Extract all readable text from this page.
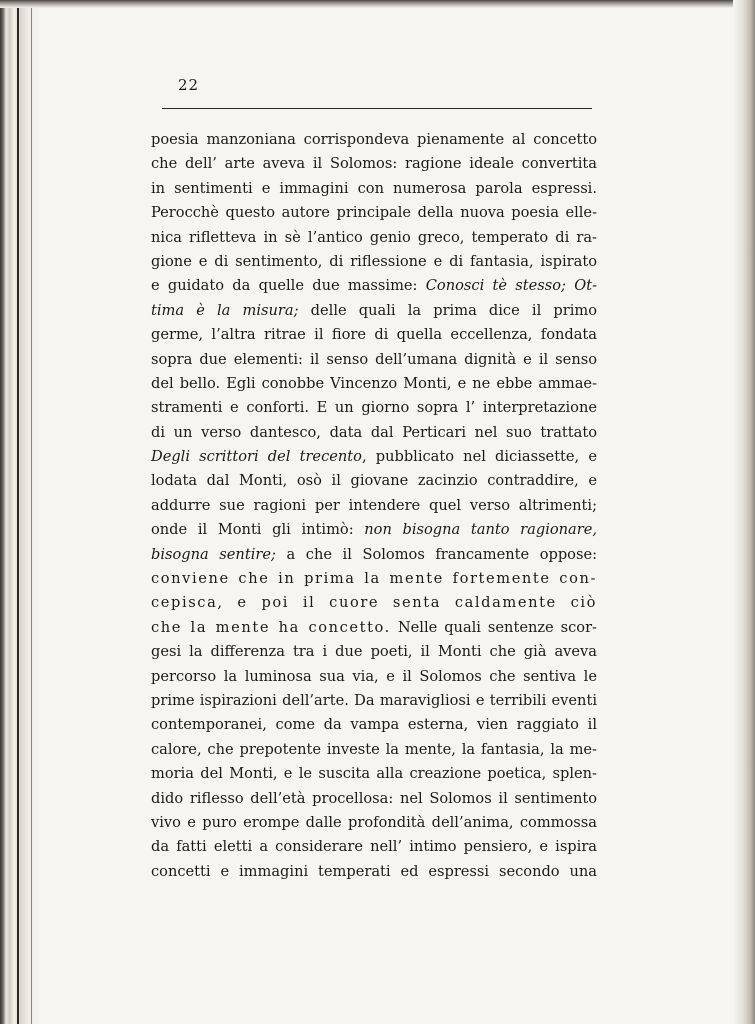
22
poesia manzoniana corrispondeva pienamente al concetto
che dell’ arte aveva il Solomos: ragione ideale convertita
in sentimenti e immagini con numerosa parola espressi.
Perocchè questo autore principale della nuova poesia elle-
nica rifletteva in sè l’antico genio greco, temperato di ra-
gione e di sentimento, di riflessione e di fantasia, ispirato
e guidato da quelle due massime: Conosci tè stesso; Ot-
tima è la misura; delle quali la prima dice il primo
germe, l’altra ritrae il fiore di quella eccellenza, fondata
sopra due elementi: il senso dell’umana dignità e il senso
del bello. Egli conobbe Vincenzo Monti, e ne ebbe ammae-
stramenti e conforti. E un giorno sopra l’ interpretazione
di un verso dantesco, data dal Perticari nel suo trattato
Degli scrittori del trecento, pubblicato nel diciassette, e
lodata dal Monti, osò il giovane zacinzio contraddire, e
addurre sue ragioni per intendere quel verso altrimenti;
onde il Monti gli intimò: non bisogna tanto ragionare,
bisogna sentire; a che il Solomos francamente oppose:
conviene che in prima la mente fortemente con-
cepisca, e poi il cuore senta caldamente ciò
che la mente ha concetto. Nelle quali sentenze scor-
gesi la differenza tra i due poeti, il Monti che già aveva
percorso la luminosa sua via, e il Solomos che sentiva le
prime ispirazioni dell’arte. Da maravigliosi e terribili eventi
contemporanei, come da vampa esterna, vien raggiato il
calore, che prepotente investe la mente, la fantasia, la me-
moria del Monti, e le suscita alla creazione poetica, splen-
dido riflesso dell’età procellosa: nel Solomos il sentimento
vivo e puro erompe dalle profondità dell’anima, commossa
da fatti eletti a considerare nell’ intimo pensiero, e ispira
concetti e immagini temperati ed espressi secondo una
